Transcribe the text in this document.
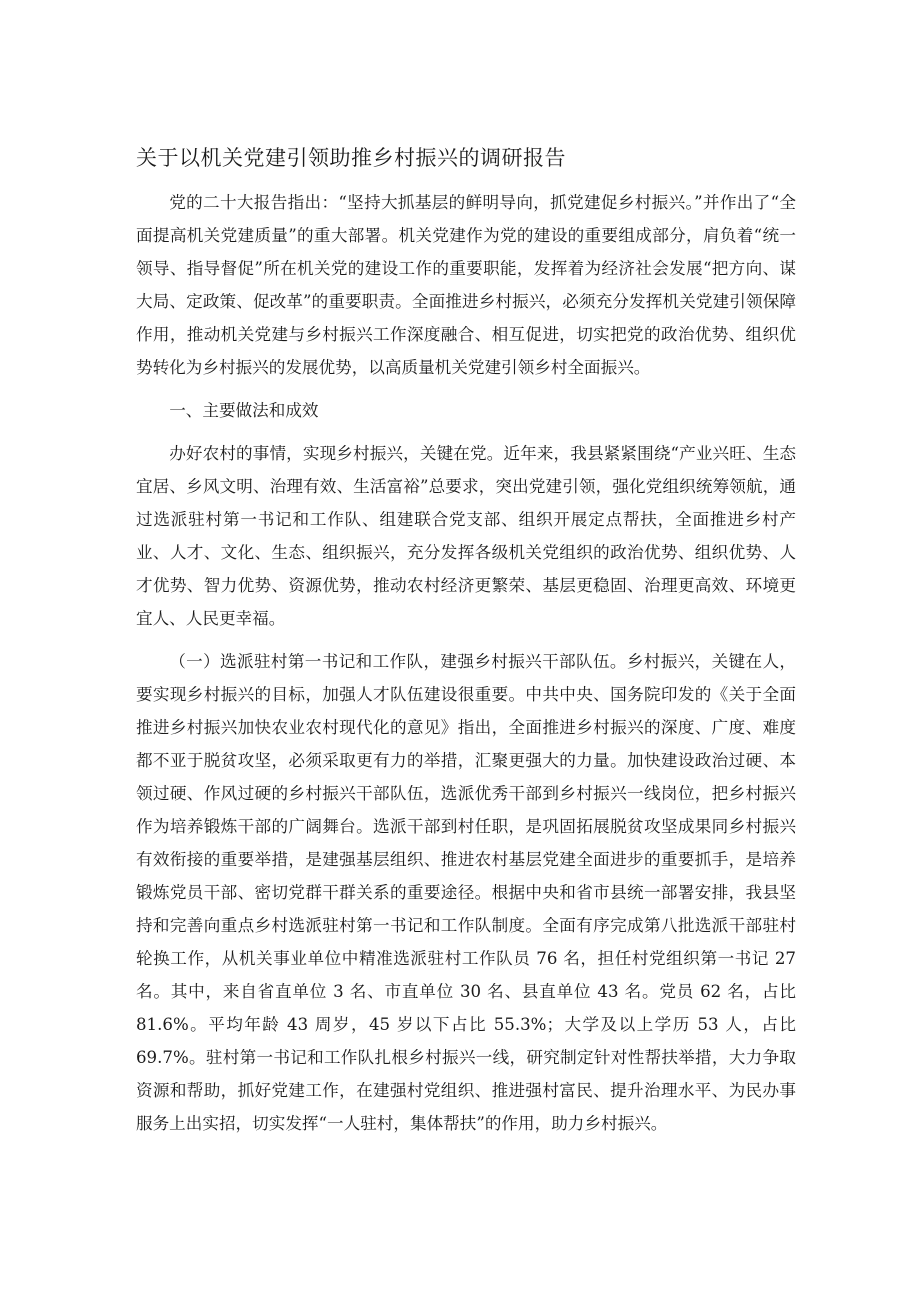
关于以机关党建引领助推乡村振兴的调研报告

党的二十大报告指出：“坚持大抓基层的鲜明导向，抓党建促乡村振兴。”并作出了“全面提高机关党建质量”的重大部署。机关党建作为党的建设的重要组成部分，肩负着“统一领导、指导督促”所在机关党的建设工作的重要职能，发挥着为经济社会发展“把方向、谋大局、定政策、促改革”的重要职责。全面推进乡村振兴，必须充分发挥机关党建引领保障作用，推动机关党建与乡村振兴工作深度融合、相互促进，切实把党的政治优势、组织优势转化为乡村振兴的发展优势，以高质量机关党建引领乡村全面振兴。

一、主要做法和成效

办好农村的事情，实现乡村振兴，关键在党。近年来，我县紧紧围绕“产业兴旺、生态宜居、乡风文明、治理有效、生活富裕”总要求，突出党建引领，强化党组织统筹领航，通过选派驻村第一书记和工作队、组建联合党支部、组织开展定点帮扶，全面推进乡村产业、人才、文化、生态、组织振兴，充分发挥各级机关党组织的政治优势、组织优势、人才优势、智力优势、资源优势，推动农村经济更繁荣、基层更稳固、治理更高效、环境更宜人、人民更幸福。

（一）选派驻村第一书记和工作队，建强乡村振兴干部队伍。乡村振兴，关键在人，要实现乡村振兴的目标，加强人才队伍建设很重要。中共中央、国务院印发的《关于全面推进乡村振兴加快农业农村现代化的意见》指出，全面推进乡村振兴的深度、广度、难度都不亚于脱贫攻坚，必须采取更有力的举措，汇聚更强大的力量。加快建设政治过硬、本领过硬、作风过硬的乡村振兴干部队伍，选派优秀干部到乡村振兴一线岗位，把乡村振兴作为培养锻炼干部的广阔舞台。选派干部到村任职，是巩固拓展脱贫攻坚成果同乡村振兴有效衔接的重要举措，是建强基层组织、推进农村基层党建全面进步的重要抓手，是培养锻炼党员干部、密切党群干群关系的重要途径。根据中央和省市县统一部署安排，我县坚持和完善向重点乡村选派驻村第一书记和工作队制度。全面有序完成第八批选派干部驻村轮换工作，从机关事业单位中精准选派驻村工作队员 76 名，担任村党组织第一书记 27 名。其中，来自省直单位 3 名、市直单位 30 名、县直单位 43 名。党员 62 名，占比 81.6%。平均年龄 43 周岁，45 岁以下占比 55.3%；大学及以上学历 53 人，占比 69.7%。驻村第一书记和工作队扎根乡村振兴一线，研究制定针对性帮扶举措，大力争取资源和帮助，抓好党建工作，在建强村党组织、推进强村富民、提升治理水平、为民办事服务上出实招，切实发挥“一人驻村，集体帮扶”的作用，助力乡村振兴。
